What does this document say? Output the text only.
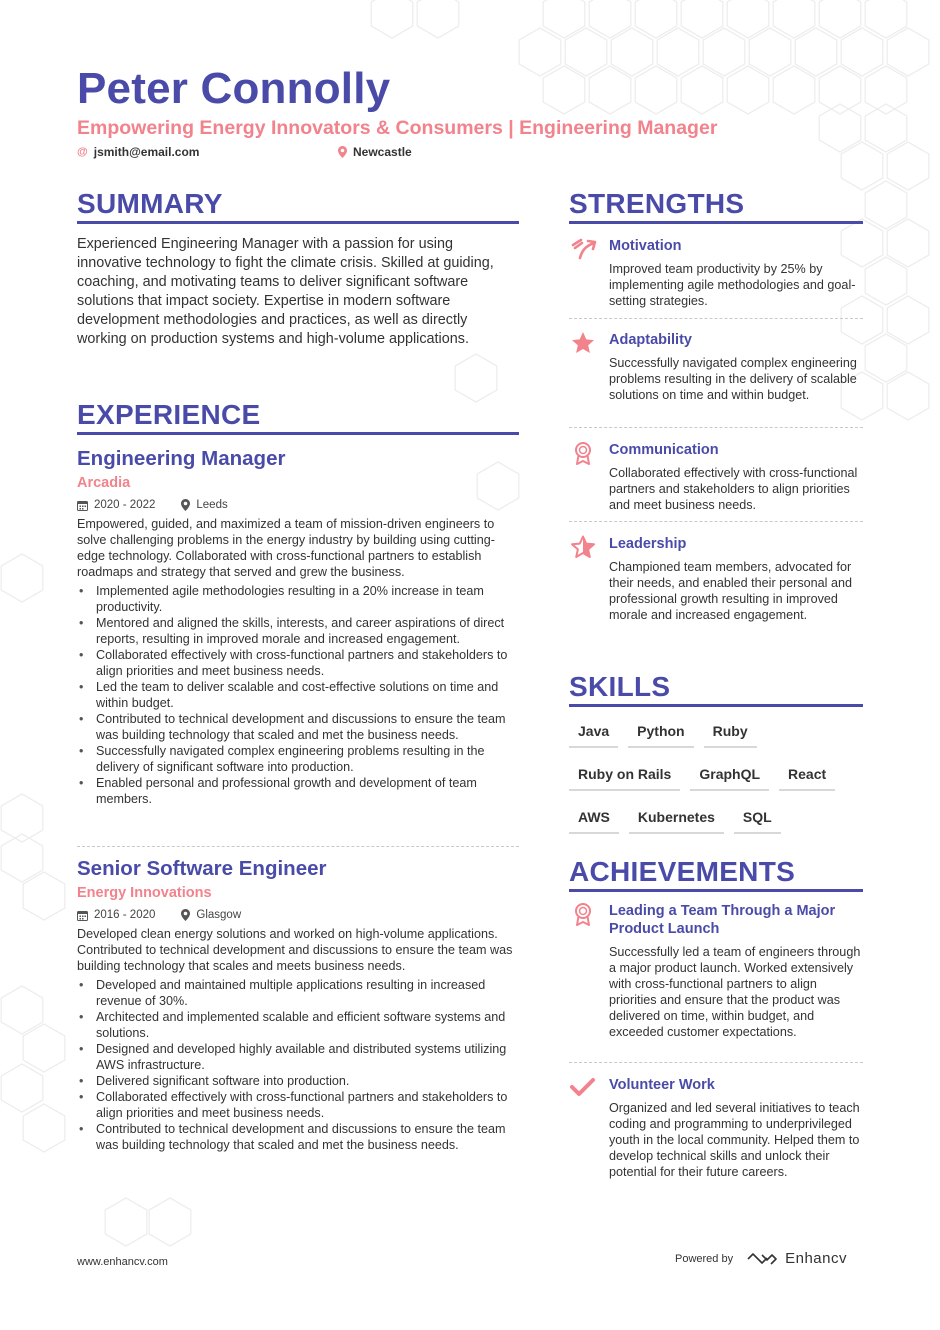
Peter Connolly
Empowering Energy Innovators & Consumers | Engineering Manager
@ jsmith@email.com	Newcastle
SUMMARY

Experienced Engineering Manager with a passion for using innovative technology to fight the climate crisis. Skilled at guiding, coaching, and motivating teams to deliver significant software solutions that impact society. Expertise in modern software development methodologies and practices, as well as directly working on production systems and high-volume applications.

EXPERIENCE
Engineering Manager
Arcadia
2020 - 2022	Leeds
Empowered, guided, and maximized a team of mission-driven engineers to solve challenging problems in the energy industry by building using cutting-edge technology. Collaborated with cross-functional partners to establish roadmaps and strategy that served and grew the business.
• Implemented agile methodologies resulting in a 20% increase in team productivity.
• Mentored and aligned the skills, interests, and career aspirations of direct reports, resulting in improved morale and increased engagement.
• Collaborated effectively with cross-functional partners and stakeholders to align priorities and meet business needs.
• Led the team to deliver scalable and cost-effective solutions on time and within budget.
• Contributed to technical development and discussions to ensure the team was building technology that scaled and met the business needs.
• Successfully navigated complex engineering problems resulting in the delivery of significant software into production.
• Enabled personal and professional growth and development of team members.
Senior Software Engineer
Energy Innovations
2016 - 2020	Glasgow
Developed clean energy solutions and worked on high-volume applications. Contributed to technical development and discussions to ensure the team was building technology that scales and meets business needs.
• Developed and maintained multiple applications resulting in increased revenue of 30%.
• Architected and implemented scalable and efficient software systems and solutions.
• Designed and developed highly available and distributed systems utilizing AWS infrastructure.
• Delivered significant software into production.
• Collaborated effectively with cross-functional partners and stakeholders to align priorities and meet business needs.
• Contributed to technical development and discussions to ensure the team was building technology that scaled and met the business needs.
STRENGTHS
Motivation
Improved team productivity by 25% by implementing agile methodologies and goal-setting strategies.
Adaptability
Successfully navigated complex engineering problems resulting in the delivery of scalable solutions on time and within budget.
Communication
Collaborated effectively with cross-functional partners and stakeholders to align priorities and meet business needs.
Leadership
Championed team members, advocated for their needs, and enabled their personal and professional growth resulting in improved morale and increased engagement.
SKILLS
Java	Python	Ruby
Ruby on Rails	GraphQL	React
AWS	Kubernetes	SQL
ACHIEVEMENTS
Leading a Team Through a Major Product Launch
Successfully led a team of engineers through a major product launch. Worked extensively with cross-functional partners to align priorities and ensure that the product was delivered on time, within budget, and exceeded customer expectations.
Volunteer Work
Organized and led several initiatives to teach coding and programming to underprivileged youth in the local community. Helped them to develop technical skills and unlock their potential for their future careers.
www.enhancv.com	Powered by	Enhancv
